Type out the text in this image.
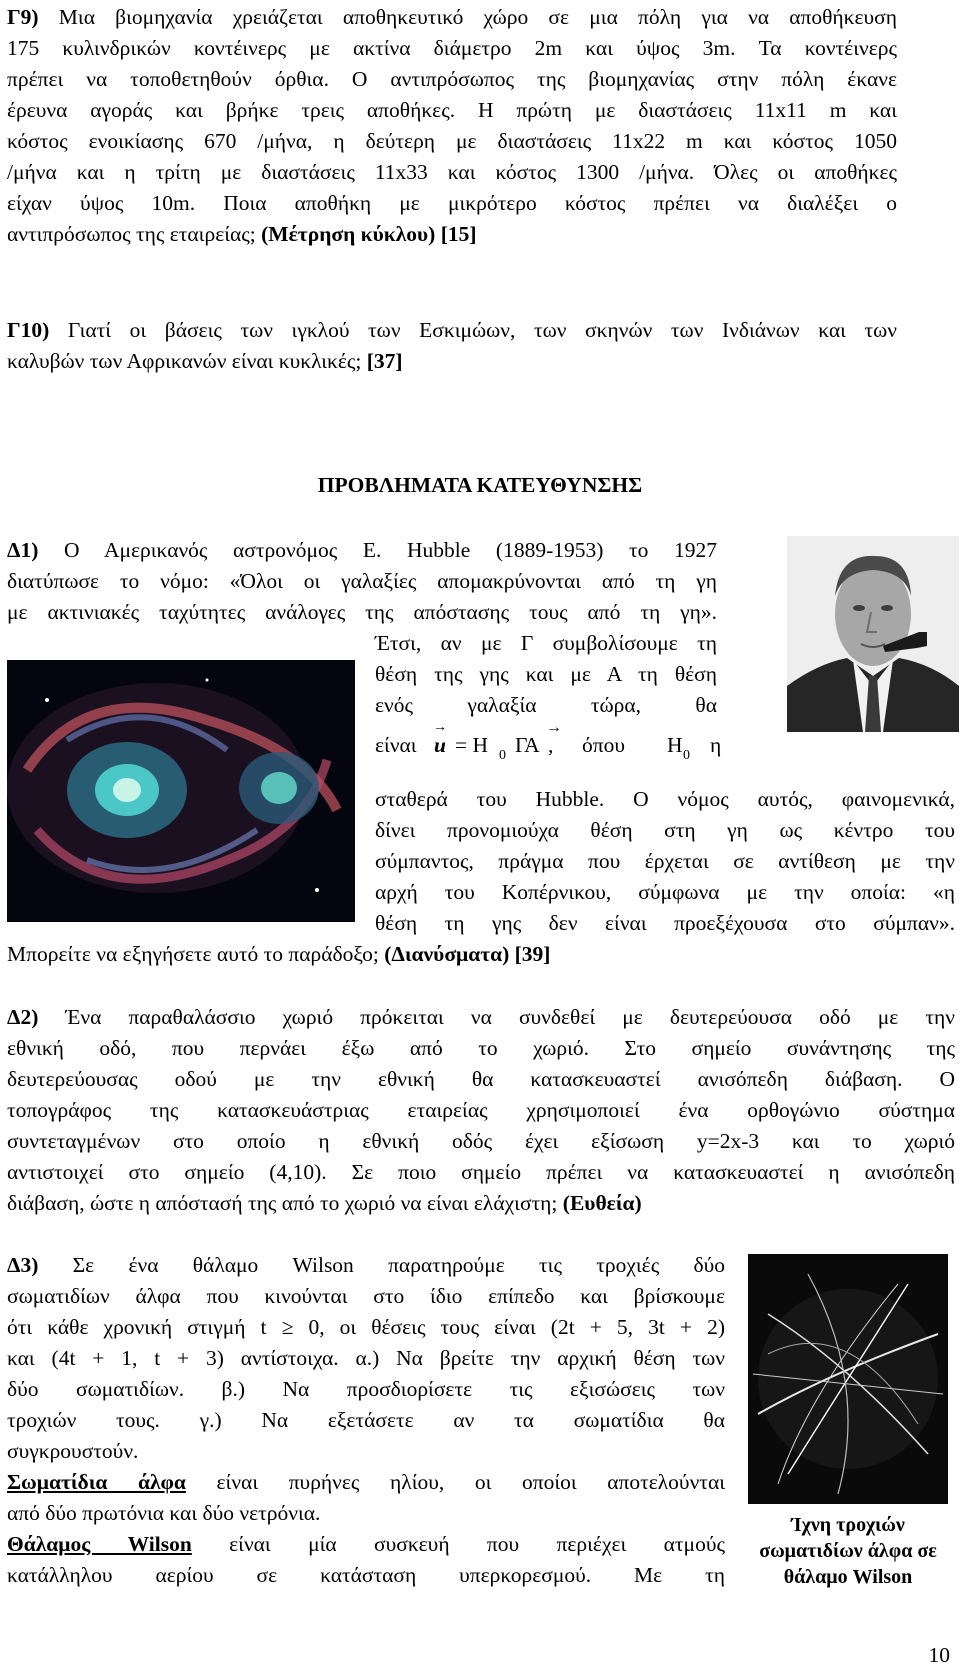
Γ9) Μια βιομηχανία χρειάζεται αποθηκευτικό χώρο σε μια πόλη για να αποθήκευση
175 κυλινδρικών κοντέινερς με ακτίνα διάμετρο 2m και ύψος 3m. Τα κοντέινερς
πρέπει να τοποθετηθούν όρθια. Ο αντιπρόσωπος της βιομηχανίας στην πόλη έκανε
έρευνα αγοράς και βρήκε τρεις αποθήκες. Η πρώτη με διαστάσεις 11x11 m και
κόστος ενοικίασης 670 /μήνα, η δεύτερη με διαστάσεις 11x22 m και κόστος 1050
/μήνα και η τρίτη με διαστάσεις 11x33 και κόστος 1300 /μήνα. Όλες οι αποθήκες
είχαν ύψος 10m. Ποια αποθήκη με μικρότερο κόστος πρέπει να διαλέξει ο
αντιπρόσωπος της εταιρείας; (Μέτρηση κύκλου) [15]
Γ10) Γιατί οι βάσεις των ιγκλού των Εσκιμώων, των σκηνών των Ινδιάνων και των
καλυβών των Αφρικανών είναι κυκλικές; [37]
ΠΡΟΒΛΗΜΑΤΑ ΚΑΤΕΥΘΥΝΣΗΣ
Δ1) Ο Αμερικανός αστρονόμος Ε. Hubble (1889-1953) το 1927
διατύπωσε το νόμο: «Όλοι οι γαλαξίες απομακρύνονται από τη γη
με ακτινιακές ταχύτητες ανάλογες της απόστασης τους από τη γη».
Έτσι, αν με Γ συμβολίσουμε τη
θέση της γης και με Α τη θέση
ενός γαλαξία τώρα, θα
είναι
→
u = H 0
→
ΓΑ , όπου H 0 η
σταθερά του Hubble. Ο νόμος αυτός, φαινομενικά,
δίνει προνομιούχα θέση στη γη ως κέντρο του
σύμπαντος, πράγμα που έρχεται σε αντίθεση με την
αρχή του Κοπέρνικου, σύμφωνα με την οποία: «η
θέση τη γης δεν είναι προεξέχουσα στο σύμπαν».
Μπορείτε να εξηγήσετε αυτό το παράδοξο; (Διανύσματα) [39]
Δ2) Ένα παραθαλάσσιο χωριό πρόκειται να συνδεθεί με δευτερεύουσα οδό με την
εθνική οδό, που περνάει έξω από το χωριό. Στο σημείο συνάντησης της
δευτερεύουσας οδού με την εθνική θα κατασκευαστεί ανισόπεδη διάβαση. Ο
τοπογράφος της κατασκευάστριας εταιρείας χρησιμοποιεί ένα ορθογώνιο σύστημα
συντεταγμένων στο οποίο η εθνική οδός έχει εξίσωση y=2x-3 και το χωριό
αντιστοιχεί στο σημείο (4,10). Σε ποιο σημείο πρέπει να κατασκευαστεί η ανισόπεδη
διάβαση, ώστε η απόστασή της από το χωριό να είναι ελάχιστη; (Ευθεία)
Δ3) Σε ένα θάλαμο Wilson παρατηρούμε τις τροχιές δύο
σωματιδίων άλφα που κινούνται στο ίδιο επίπεδο και βρίσκουμε
ότι κάθε χρονική στιγμή t ≥ 0, οι θέσεις τους είναι (2t + 5, 3t + 2)
και (4t + 1, t + 3) αντίστοιχα. α.) Να βρείτε την αρχική θέση των
δύο σωματιδίων. β.) Να προσδιορίσετε τις εξισώσεις των
τροχιών τους. γ.) Να εξετάσετε αν τα σωματίδια θα
συγκρουστούν.
Σωματίδια άλφα είναι πυρήνες ηλίου, οι οποίοι αποτελούνται
από δύο πρωτόνια και δύο νετρόνια.
Θάλαμος Wilson είναι μία συσκευή που περιέχει ατμούς
κατάλληλου αερίου σε κατάσταση υπερκορεσμού. Με τη
Ίχνη τροχιών
σωματιδίων άλφα σε
θάλαμο Wilson
10
